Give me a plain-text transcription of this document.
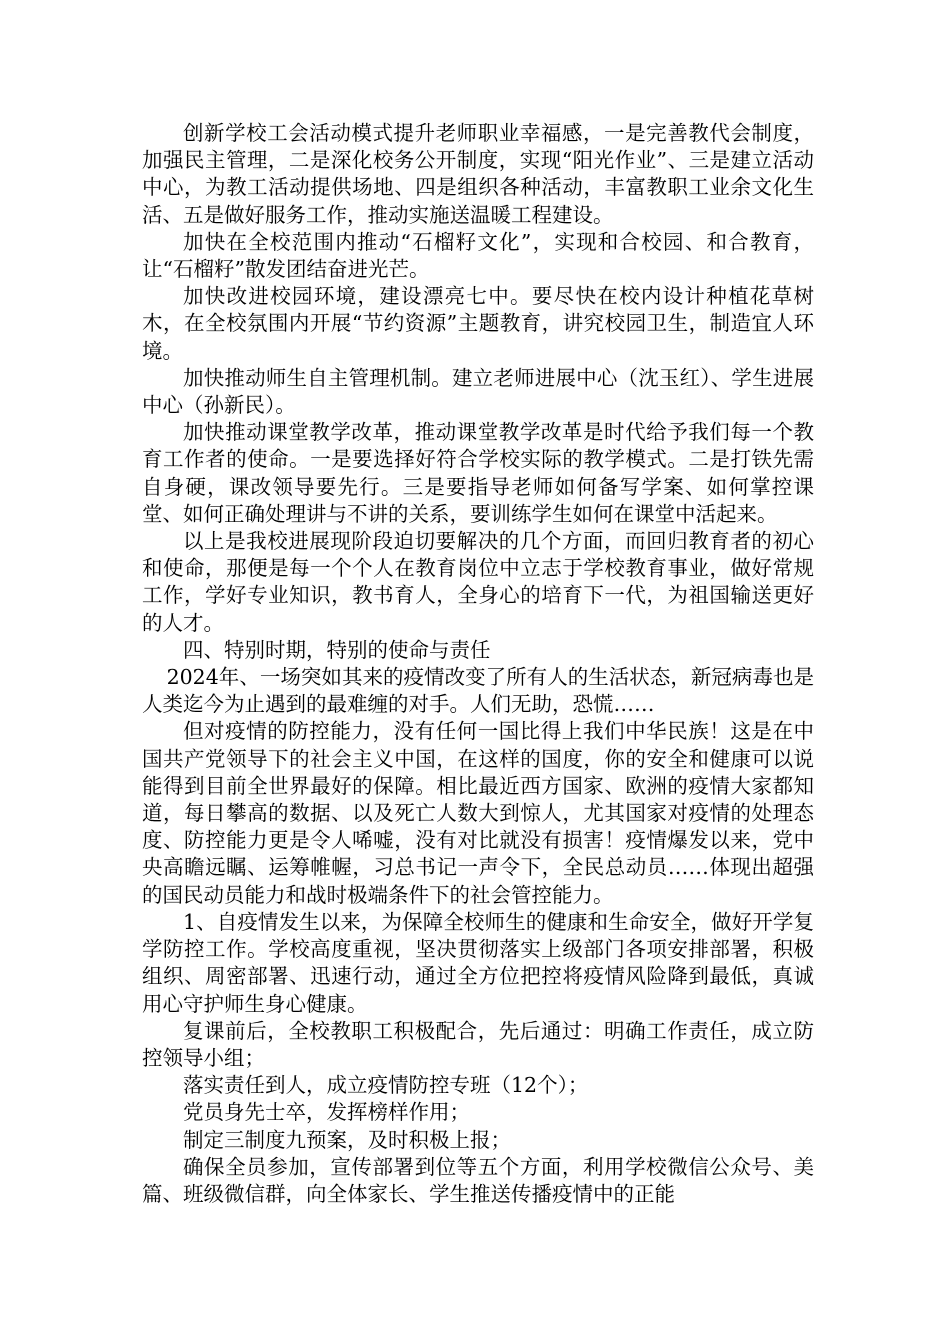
创新学校工会活动模式提升老师职业幸福感，一是完善教代会制度，加强民主管理，二是深化校务公开制度，实现“阳光作业”、三是建立活动中心，为教工活动提供场地、四是组织各种活动，丰富教职工业余文化生活、五是做好服务工作，推动实施送温暖工程建设。

加快在全校范围内推动“石榴籽文化”，实现和合校园、和合教育，让“石榴籽”散发团结奋进光芒。

加快改进校园环境，建设漂亮七中。要尽快在校内设计种植花草树木，在全校氛围内开展“节约资源”主题教育，讲究校园卫生，制造宜人环境。

加快推动师生自主管理机制。建立老师进展中心（沈玉红）、学生进展中心（孙新民）。

加快推动课堂教学改革，推动课堂教学改革是时代给予我们每一个教育工作者的使命。一是要选择好符合学校实际的教学模式。二是打铁先需自身硬，课改领导要先行。三是要指导老师如何备写学案、如何掌控课堂、如何正确处理讲与不讲的关系，要训练学生如何在课堂中活起来。

以上是我校进展现阶段迫切要解决的几个方面，而回归教育者的初心和使命，那便是每一个个人在教育岗位中立志于学校教育事业，做好常规工作，学好专业知识，教书育人，全身心的培育下一代，为祖国输送更好的人才。

四、特别时期，特别的使命与责任

2024年、一场突如其来的疫情改变了所有人的生活状态，新冠病毒也是人类迄今为止遇到的最难缠的对手。人们无助，恐慌……

但对疫情的防控能力，没有任何一国比得上我们中华民族！这是在中国共产党领导下的社会主义中国，在这样的国度，你的安全和健康可以说能得到目前全世界最好的保障。相比最近西方国家、欧洲的疫情大家都知道，每日攀高的数据、以及死亡人数大到惊人，尤其国家对疫情的处理态度、防控能力更是令人唏嘘，没有对比就没有损害！疫情爆发以来，党中央高瞻远瞩、运筹帷幄，习总书记一声令下，全民总动员……体现出超强的国民动员能力和战时极端条件下的社会管控能力。

1、自疫情发生以来，为保障全校师生的健康和生命安全，做好开学复学防控工作。学校高度重视，坚决贯彻落实上级部门各项安排部署，积极组织、周密部署、迅速行动，通过全方位把控将疫情风险降到最低，真诚用心守护师生身心健康。

复课前后，全校教职工积极配合，先后通过：明确工作责任，成立防控领导小组；

落实责任到人，成立疫情防控专班（12个）；

党员身先士卒，发挥榜样作用；

制定三制度九预案，及时积极上报；

确保全员参加，宣传部署到位等五个方面，利用学校微信公众号、美篇、班级微信群，向全体家长、学生推送传播疫情中的正能
